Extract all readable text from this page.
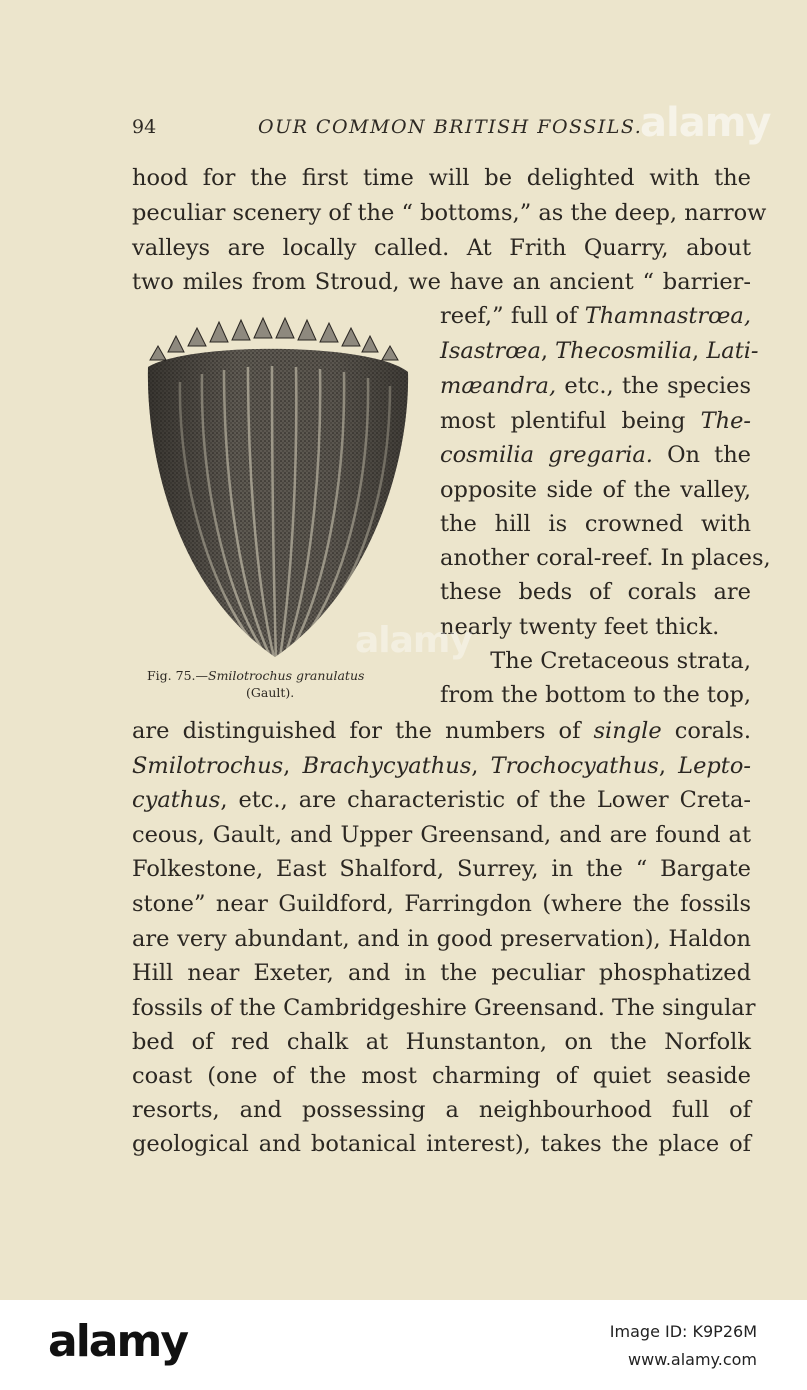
94	OUR COMMON BRITISH FOSSILS.
hood for the first time will be delighted with the
peculiar scenery of the “ bottoms,” as the deep, narrow
valleys are locally called. At Frith Quarry, about
two miles from Stroud, we have an ancient “ barrier-
reef,” full of Thamnastrœa,
Isastrœa, Thecosmilia, Lati-
mæandra, etc., the species
most plentiful being The-
cosmilia gregaria. On the
opposite side of the valley,
the hill is crowned with
another coral-reef. In places,
these beds of corals are
nearly twenty feet thick.
The Cretaceous strata,
from the bottom to the top,
are distinguished for the numbers of single corals.
Smilotrochus, Brachycyathus, Trochocyathus, Lepto-
cyathus, etc., are characteristic of the Lower Creta-
ceous, Gault, and Upper Greensand, and are found at
Folkestone, East Shalford, Surrey, in the “ Bargate
stone” near Guildford, Farringdon (where the fossils
are very abundant, and in good preservation), Haldon
Hill near Exeter, and in the peculiar phosphatized
fossils of the Cambridgeshire Greensand. The singular
bed of red chalk at Hunstanton, on the Norfolk
coast (one of the most charming of quiet seaside
resorts, and possessing a neighbourhood full of
geological and botanical interest), takes the place of
Fig. 75.—Smilotrochus granulatus
(Gault).
alamy
alamy
alamy	Image ID: K9P26M
www.alamy.com
